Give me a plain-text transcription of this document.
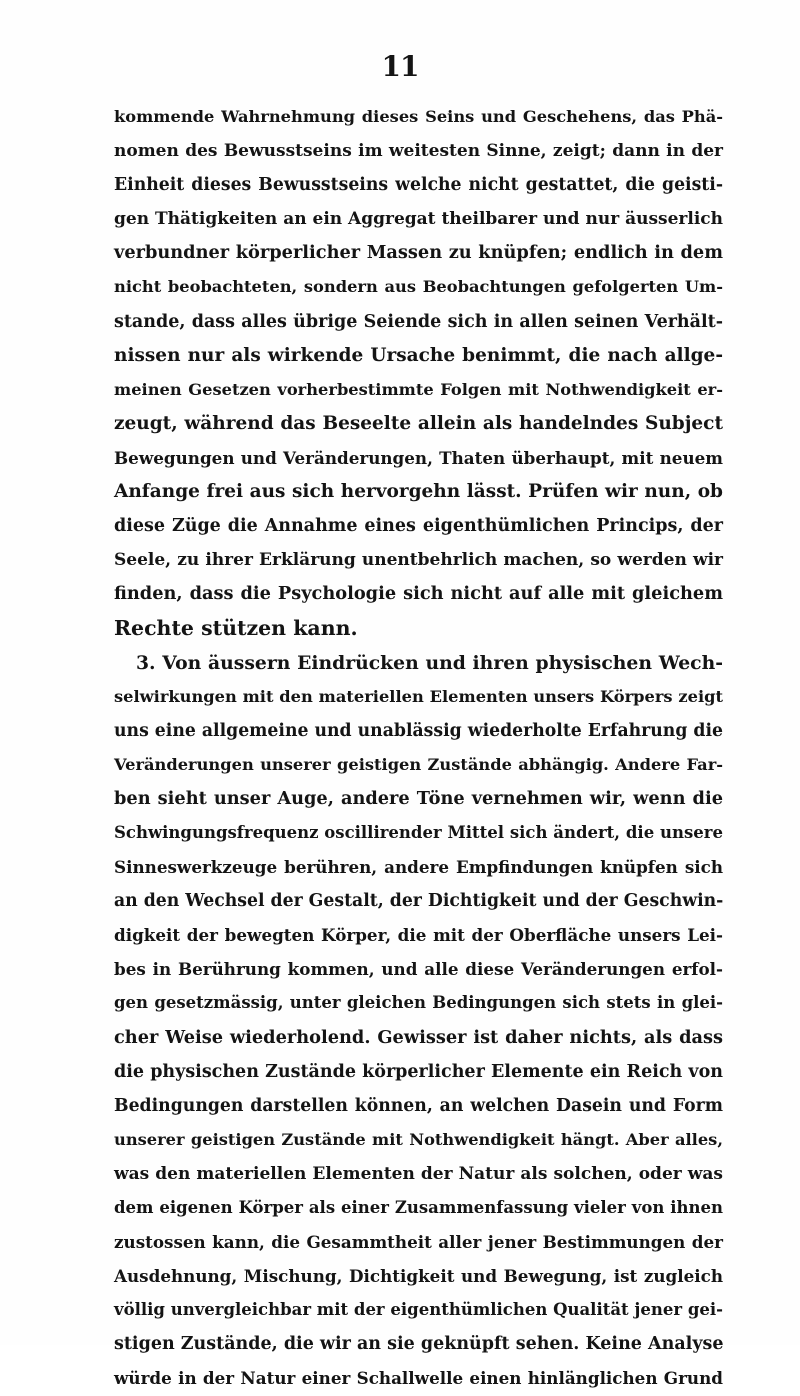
11
kommende Wahrnehmung dieses Seins und Geschehens, das Phä-
nomen des Bewusstseins im weitesten Sinne, zeigt; dann in der
Einheit dieses Bewusstseins welche nicht gestattet, die geisti-
gen Thätigkeiten an ein Aggregat theilbarer und nur äusserlich
verbundner körperlicher Massen zu knüpfen; endlich in dem
nicht beobachteten, sondern aus Beobachtungen gefolgerten Um-
stande, dass alles übrige Seiende sich in allen seinen Verhält-
nissen nur als wirkende Ursache benimmt, die nach allge-
meinen Gesetzen vorherbestimmte Folgen mit Nothwendigkeit er-
zeugt, während das Beseelte allein als handelndes Subject
Bewegungen und Veränderungen, Thaten überhaupt, mit neuem
Anfange frei aus sich hervorgehn lässt. Prüfen wir nun, ob
diese Züge die Annahme eines eigenthümlichen Princips, der
Seele, zu ihrer Erklärung unentbehrlich machen, so werden wir
finden, dass die Psychologie sich nicht auf alle mit gleichem
Rechte stützen kann.
3. Von äussern Eindrücken und ihren physischen Wech-
selwirkungen mit den materiellen Elementen unsers Körpers zeigt
uns eine allgemeine und unablässig wiederholte Erfahrung die
Veränderungen unserer geistigen Zustände abhängig. Andere Far-
ben sieht unser Auge, andere Töne vernehmen wir, wenn die
Schwingungsfrequenz oscillirender Mittel sich ändert, die unsere
Sinneswerkzeuge berühren, andere Empfindungen knüpfen sich
an den Wechsel der Gestalt, der Dichtigkeit und der Geschwin-
digkeit der bewegten Körper, die mit der Oberfläche unsers Lei-
bes in Berührung kommen, und alle diese Veränderungen erfol-
gen gesetzmässig, unter gleichen Bedingungen sich stets in glei-
cher Weise wiederholend. Gewisser ist daher nichts, als dass
die physischen Zustände körperlicher Elemente ein Reich von
Bedingungen darstellen können, an welchen Dasein und Form
unserer geistigen Zustände mit Nothwendigkeit hängt. Aber alles,
was den materiellen Elementen der Natur als solchen, oder was
dem eigenen Körper als einer Zusammenfassung vieler von ihnen
zustossen kann, die Gesammtheit aller jener Bestimmungen der
Ausdehnung, Mischung, Dichtigkeit und Bewegung, ist zugleich
völlig unvergleichbar mit der eigenthümlichen Qualität jener gei-
stigen Zustände, die wir an sie geknüpft sehen. Keine Analyse
würde in der Natur einer Schallwelle einen hinlänglichen Grund
